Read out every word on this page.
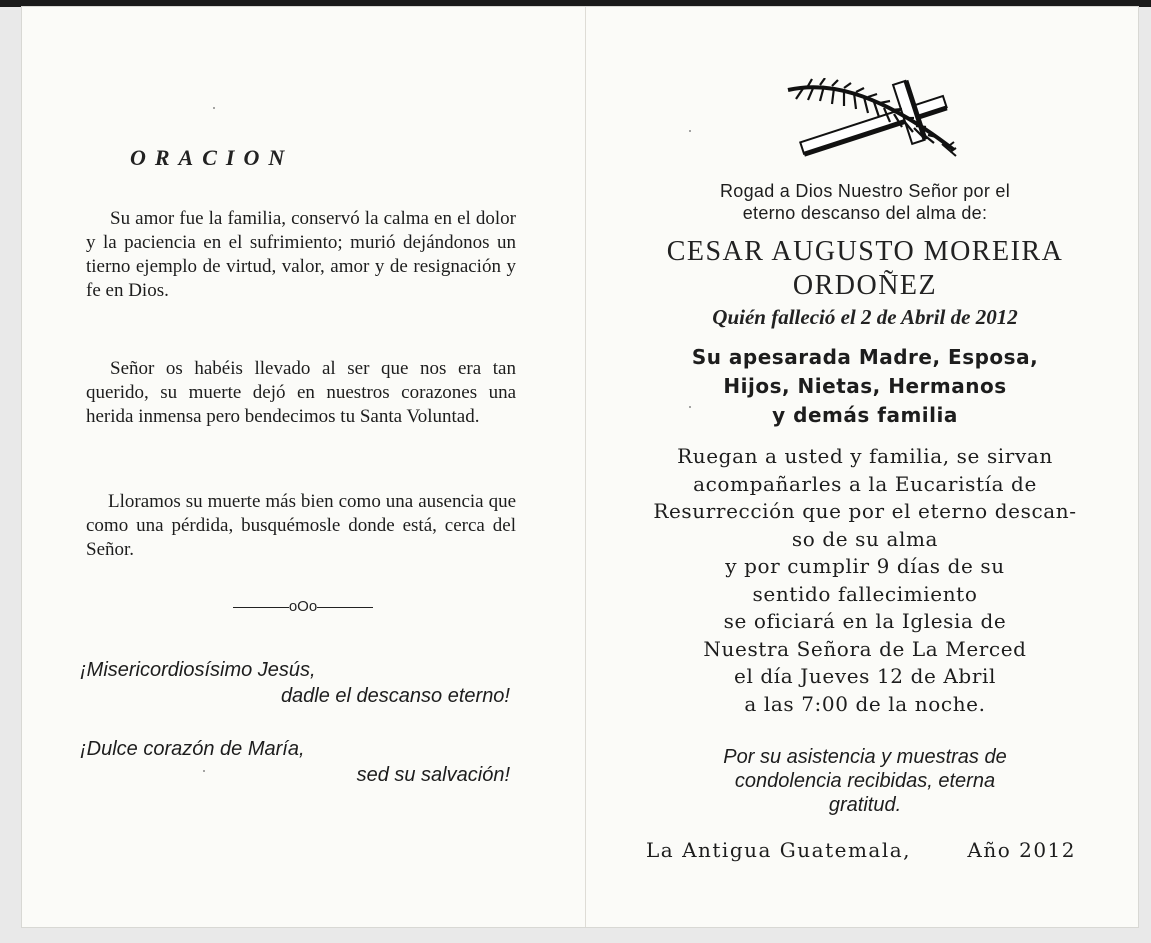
ORACION
Su amor fue la familia, conservó la calma en el dolor y la paciencia en el sufrimiento; murió dejándonos un tierno ejemplo de virtud, valor, amor y de resignación y fe en Dios.
Señor os habéis llevado al ser que nos era tan querido, su muerte dejó en nuestros corazones una herida inmensa pero bendecimos tu Santa Voluntad.
Lloramos su muerte más bien como una ausencia que como una pérdida, busquémosle donde está, cerca del Señor.
oOo
¡Misericordiosísimo Jesús,
dadle el descanso eterno!
¡Dulce corazón de María,
sed su salvación!
Rogad a Dios Nuestro Señor por el
eterno descanso del alma de:
CESAR AUGUSTO MOREIRA
ORDOÑEZ
Quién falleció el 2 de Abril de 2012
Su apesarada Madre, Esposa,
Hijos, Nietas, Hermanos
y demás familia
Ruegan a usted y familia, se sirvan
acompañarles a la Eucaristía de
Resurrección que por el eterno descan-
so de su alma
y por cumplir 9 días de su
sentido fallecimiento
se oficiará en la Iglesia de
Nuestra Señora de La Merced
el día Jueves 12 de Abril
a las 7:00 de la noche.
Por su asistencia y muestras de
condolencia recibidas, eterna
gratitud.
La Antigua Guatemala,	Año 2012
